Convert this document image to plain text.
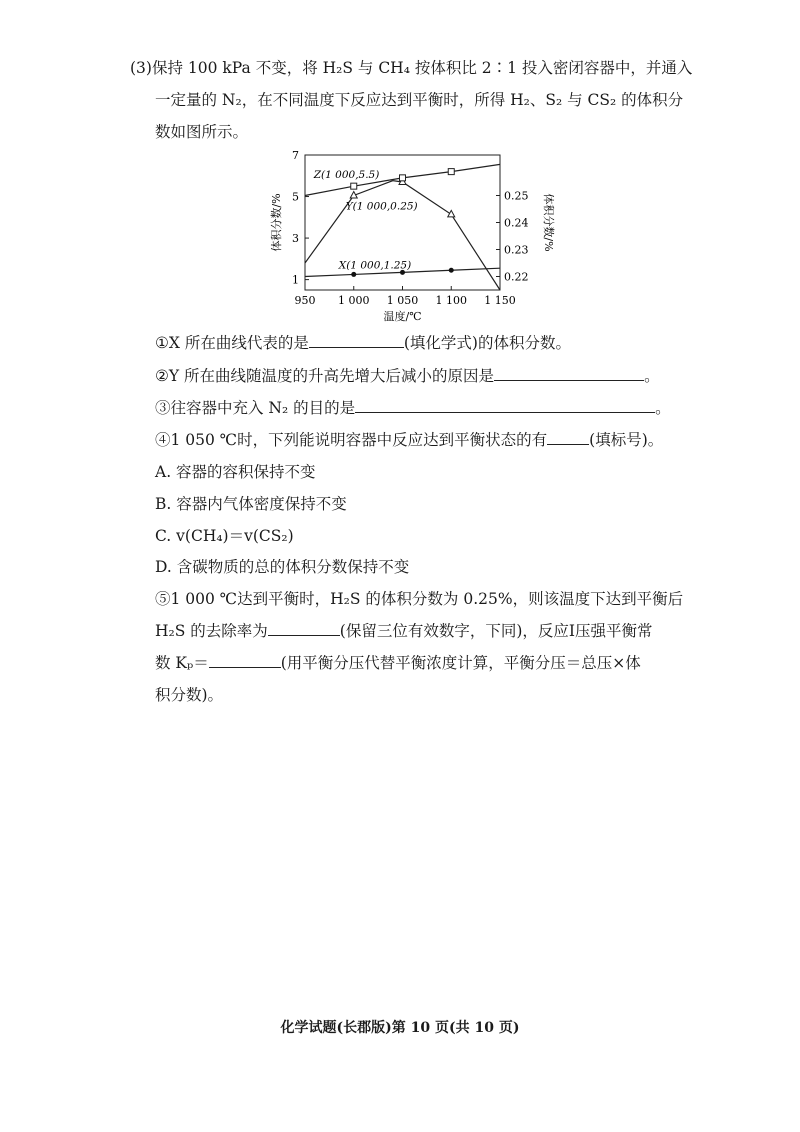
(3)保持 100 kPa 不变，将 H₂S 与 CH₄ 按体积比 2∶1 投入密闭容器中，并通入
一定量的 N₂，在不同温度下反应达到平衡时，所得 H₂、S₂ 与 CS₂ 的体积分
数如图所示。
950 1 000 1 050 1 100 1 150
1
3
5
7
0.22
0.23
0.24
0.25
温度/℃
体积分数/%	体积分数/%
Z(1 000,5.5)
Y(1 000,0.25)
X(1 000,1.25)
①X 所在曲线代表的是	(填化学式)的体积分数。
②Y 所在曲线随温度的升高先增大后减小的原因是	。
③往容器中充入 N₂ 的目的是	。
④1 050 ℃时，下列能说明容器中反应达到平衡状态的有	(填标号)。
A. 容器的容积保持不变
B. 容器内气体密度保持不变
C. v(CH₄)＝v(CS₂)
D. 含碳物质的总的体积分数保持不变
⑤1 000 ℃达到平衡时，H₂S 的体积分数为 0.25%，则该温度下达到平衡后
H₂S 的去除率为	(保留三位有效数字，下同)，反应Ⅰ压强平衡常
数 Kₚ＝	(用平衡分压代替平衡浓度计算，平衡分压＝总压×体
积分数)。
化学试题(长郡版)第 10 页(共 10 页)
